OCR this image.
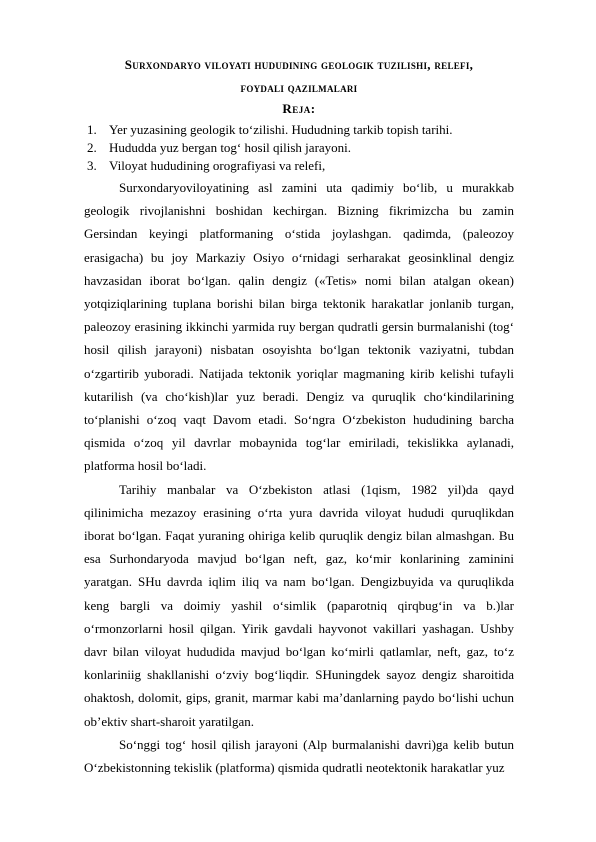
Surxondaryo viloyati hududining geologik tuzilishi, relefi,
foydali qazilmalari
Reja:
1. Yer yuzasining geologik to‘zilishi. Hududning tarkib topish tarihi.
2. Hududda yuz bergan tog‘ hosil qilish jarayoni.
3. Viloyat hududining orografiyasi va relefi,

Surxondaryoviloyatining asl zamini uta qadimiy bo‘lib, u murakkab geologik rivojlanishni boshidan kechirgan. Bizning fikrimizcha bu zamin Gersindan keyingi platformaning o‘stida joylashgan. qadimda, (paleozoy erasigacha) bu joy Markaziy Osiyo o‘rnidagi serharakat geosinklinal dengiz havzasidan iborat bo‘lgan. qalin dengiz («Tetis» nomi bilan atalgan okean) yotqiziqlarining tuplana borishi bilan birga tektonik harakatlar jonlanib turgan, paleozoy erasining ikkinchi yarmida ruy bergan qudratli gersin burmalanishi (tog‘ hosil qilish jarayoni) nisbatan osoyishta bo‘lgan tektonik vaziyatni, tubdan o‘zgartirib yuboradi. Natijada tektonik yoriqlar magmaning kirib kelishi tufayli kutarilish (va cho‘kish)lar yuz beradi. Dengiz va quruqlik cho‘kindilarining to‘planishi o‘zoq vaqt Davom etadi. So‘ngra O‘zbekiston hududining barcha qismida o‘zoq yil davrlar mobaynida tog‘lar emiriladi, tekislikka aylanadi, platforma hosil bo‘ladi.

Tarihiy manbalar va O‘zbekiston atlasi (1qism, 1982 yil)da qayd qilinimicha mezazoy erasining o‘rta yura davrida viloyat hududi quruqlikdan iborat bo‘lgan. Faqat yuraning ohiriga kelib quruqlik dengiz bilan almashgan. Bu esa Surhondaryoda mavjud bo‘lgan neft, gaz, ko‘mir konlarining zaminini yaratgan. SHu davrda iqlim iliq va nam bo‘lgan. Dengizbuyida va quruqlikda keng bargli va doimiy yashil o‘simlik (paparotniq qirqbug‘in va b.)lar o‘rmonzorlarni hosil qilgan. Yirik gavdali hayvonot vakillari yashagan. Ushby davr bilan viloyat hududida mavjud bo‘lgan ko‘mirli qatlamlar, neft, gaz, to‘z konlariniig shakllanishi o‘zviy bog‘liqdir. SHuningdek sayoz dengiz sharoitida ohaktosh, dolomit, gips, granit, marmar kabi ma’danlarning paydo bo‘lishi uchun ob’ektiv shart-sharoit yaratilgan.

So‘nggi tog‘ hosil qilish jarayoni (Alp burmalanishi davri)ga kelib butun O‘zbekistonning tekislik (platforma) qismida qudratli neotektonik harakatlar yuz
